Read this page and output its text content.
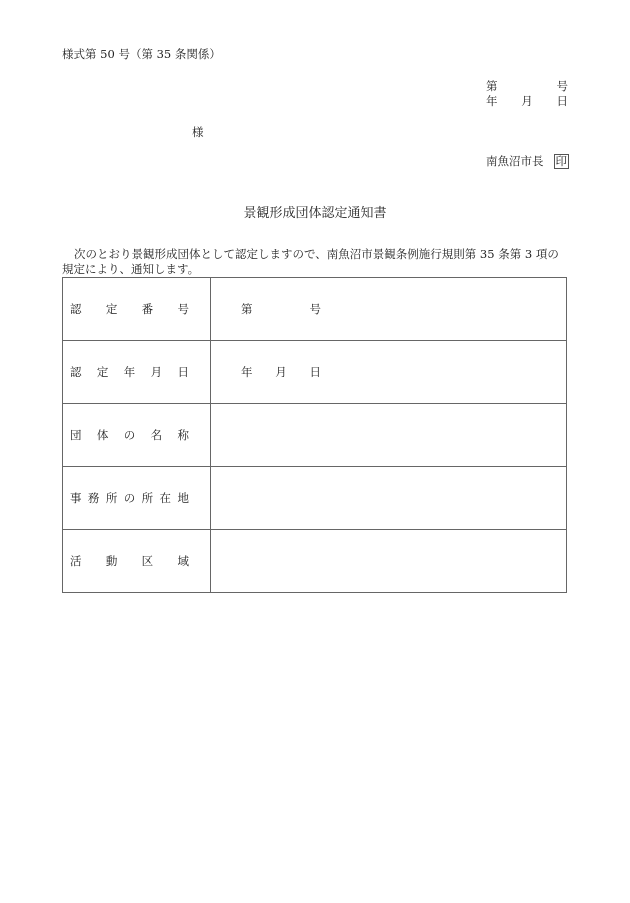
様式第 50 号（第 35 条関係）
第	号
年 月 日
様
南魚沼市長 印
景観形成団体認定通知書
次のとおり景観形成団体として認定しますので、南魚沼市景観条例施行規則第 35 条第 3 項の規定により、通知します。
認 定 番 号	第 号

認 定 年 月 日	年 月 日

団 体 の 名 称	

事 務 所 の 所 在 地

活 動 区 域	
